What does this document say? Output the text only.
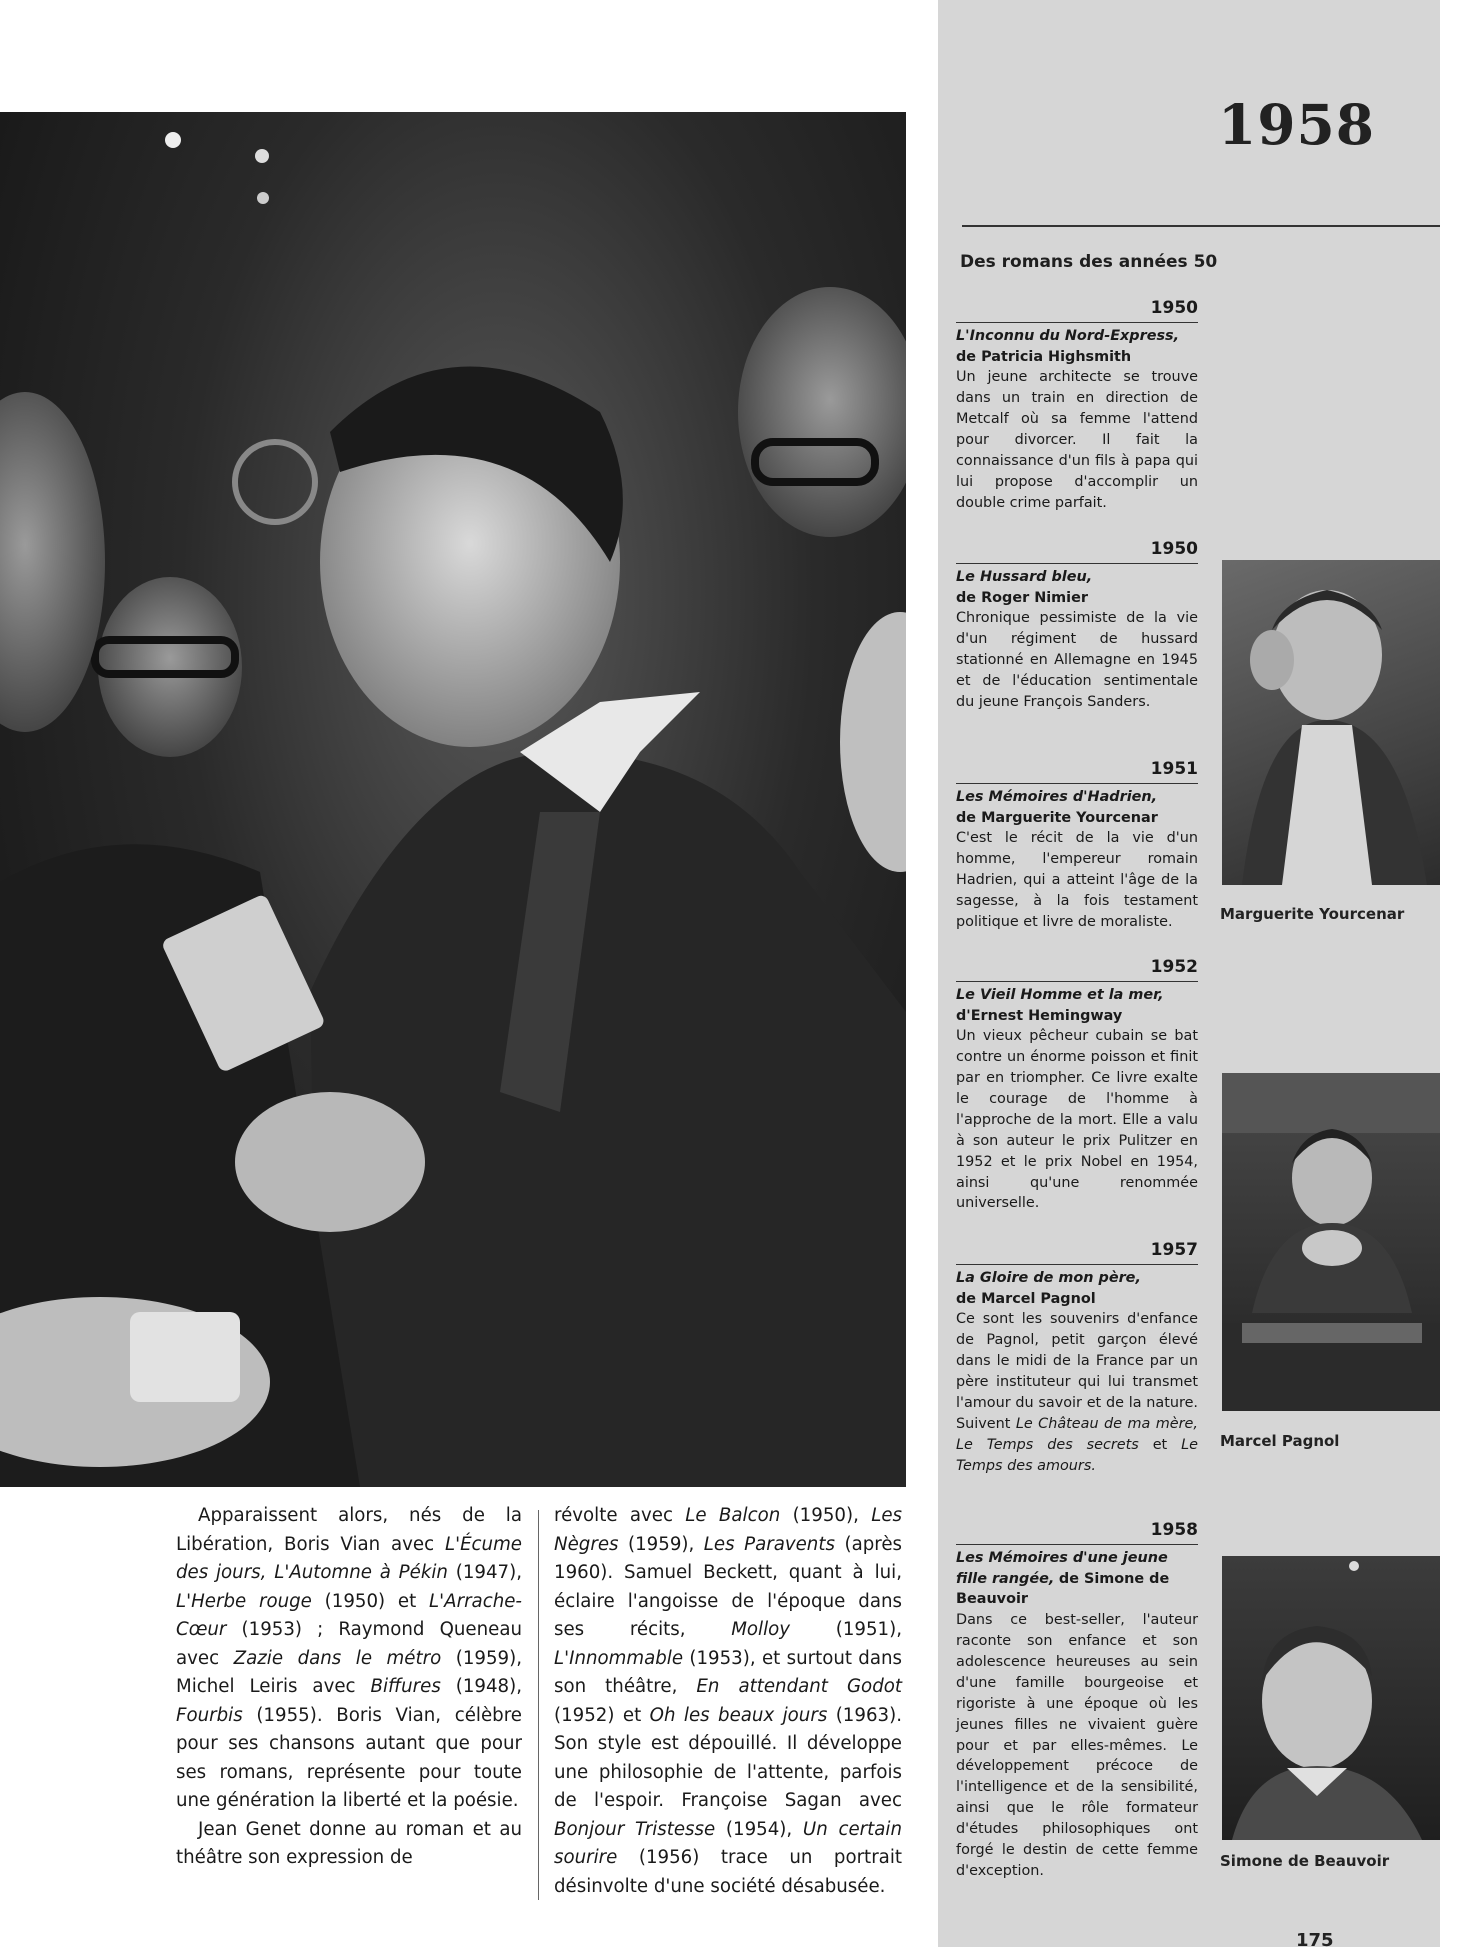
1958
Des romans des années 50
1950
L'Inconnu du Nord-Express,
de Patricia Highsmith
Un jeune architecte se trouve dans un train en direction de Metcalf où sa femme l'attend pour divorcer. Il fait la connaissance d'un fils à papa qui lui propose d'accomplir un double crime parfait.
1950
Le Hussard bleu,
de Roger Nimier
Chronique pessimiste de la vie d'un régiment de hussard stationné en Allemagne en 1945 et de l'éducation sentimentale du jeune François Sanders.
1951
Les Mémoires d'Hadrien,
de Marguerite Yourcenar
C'est le récit de la vie d'un homme, l'empereur romain Hadrien, qui a atteint l'âge de la sagesse, à la fois testament politique et livre de moraliste.
1952
Le Vieil Homme et la mer,
d'Ernest Hemingway
Un vieux pêcheur cubain se bat contre un énorme poisson et finit par en triompher. Ce livre exalte le courage de l'homme à l'approche de la mort. Elle a valu à son auteur le prix Pulitzer en 1952 et le prix Nobel en 1954, ainsi qu'une renommée universelle.
1957
La Gloire de mon père,
de Marcel Pagnol
Ce sont les souvenirs d'enfance de Pagnol, petit garçon élevé dans le midi de la France par un père instituteur qui lui transmet l'amour du savoir et de la nature. Suivent Le Château de ma mère, Le Temps des secrets et Le Temps des amours.
1958
Les Mémoires d'une jeune fille rangée, de Simone de Beauvoir
Dans ce best-seller, l'auteur raconte son enfance et son adolescence heureuses au sein d'une famille bourgeoise et rigoriste à une époque où les jeunes filles ne vivaient guère pour et par elles-mêmes. Le développement précoce de l'intelligence et de la sensibilité, ainsi que le rôle formateur d'études philosophiques ont forgé le destin de cette femme d'exception.
Marguerite Yourcenar
Marcel Pagnol
Simone de Beauvoir

Apparaissent alors, nés de la Libération, Boris Vian avec L'Écume des jours, L'Automne à Pékin (1947), L'Herbe rouge (1950) et L'Arrache-Cœur (1953) ; Raymond Queneau avec Zazie dans le métro (1959), Michel Leiris avec Biffures (1948), Fourbis (1955). Boris Vian, célèbre pour ses chansons autant que pour ses romans, représente pour toute une génération la liberté et la poésie.

Jean Genet donne au roman et au théâtre son expression de

révolte avec Le Balcon (1950), Les Nègres (1959), Les Paravents (après 1960). Samuel Beckett, quant à lui, éclaire l'angoisse de l'époque dans ses récits, Molloy (1951), L'Innommable (1953), et surtout dans son théâtre, En attendant Godot (1952) et Oh les beaux jours (1963). Son style est dépouillé. Il développe une philosophie de l'attente, parfois de l'espoir. Françoise Sagan avec Bonjour Tristesse (1954), Un certain sourire (1956) trace un portrait désinvolte d'une société désabusée.

175
